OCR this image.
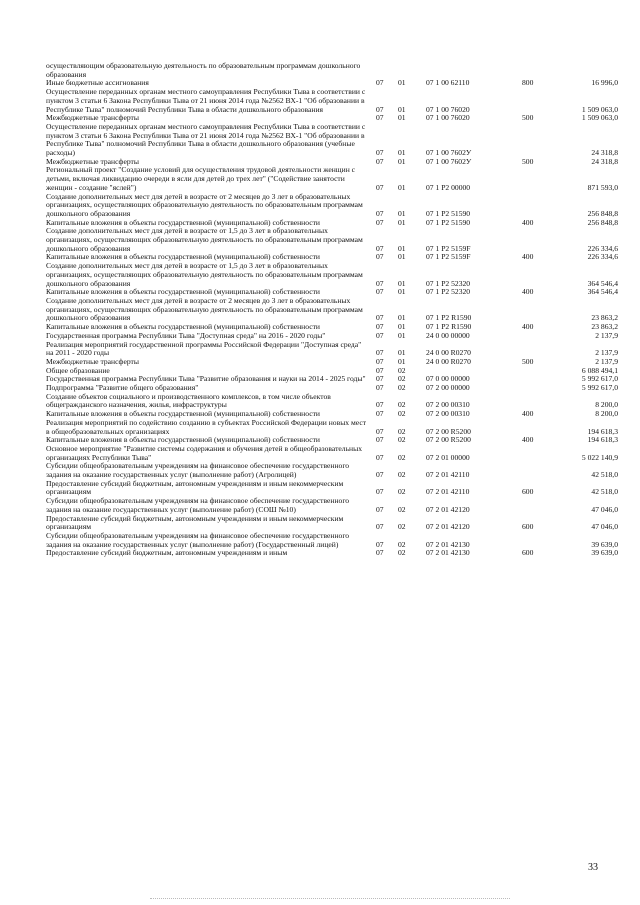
осуществляющим образовательную деятельность по образовательным программам дошкольного образования					
Иные бюджетные ассигнования	07	01	07 1 00 62110	800	16 996,0
Осуществление переданных органам местного самоуправления Республики Тыва в соответствии с пунктом 3 статьи 6 Закона Республики Тыва от 21 июня 2014 года №2562 ВХ-1 "Об образовании в Республике Тыва" полномочий Республики Тыва в области дошкольного образования	07	01	07 1 00 76020		1 509 063,0
Межбюджетные трансферты	07	01	07 1 00 76020	500	1 509 063,0
Осуществление переданных органам местного самоуправления Республики Тыва в соответствии с пунктом 3 статьи 6 Закона Республики Тыва от 21 июня 2014 года №2562 ВХ-1 "Об образовании в Республике Тыва" полномочий Республики Тыва в области дошкольного образования (учебные расходы)	07	01	07 1 00 7602У		24 318,8
Межбюджетные трансферты	07	01	07 1 00 7602У	500	24 318,8
Региональный проект "Создание условий для осуществления трудовой деятельности женщин с детьми, включая ликвидацию очереди в ясли для детей до трех лет" ("Содействие занятости женщин - создание "яслей")	07	01	07 1 P2 00000		871 593,0
Создание дополнительных мест для детей в возрасте от 2 месяцев до 3 лет в образовательных организациях, осуществляющих образовательную деятельность по образовательным программам дошкольного образования	07	01	07 1 P2 51590		256 848,8
Капитальные вложения в объекты государственной (муниципальной) собственности	07	01	07 1 P2 51590	400	256 848,8
Создание дополнительных мест для детей в возрасте от 1,5 до 3 лет в образовательных организациях, осуществляющих образовательную деятельность по образовательным программам дошкольного образования	07	01	07 1 P2 5159F		226 334,6
Капитальные вложения в объекты государственной (муниципальной) собственности	07	01	07 1 P2 5159F	400	226 334,6
Создание дополнительных мест для детей в возрасте от 1,5 до 3 лет в образовательных организациях, осуществляющих образовательную деятельность по образовательным программам дошкольного образования	07	01	07 1 P2 52320		364 546,4
Капитальные вложения в объекты государственной (муниципальной) собственности	07	01	07 1 P2 52320	400	364 546,4
Создание дополнительных мест для детей в возрасте от 2 месяцев до 3 лет в образовательных организациях, осуществляющих образовательную деятельность по образовательным программам дошкольного образования	07	01	07 1 P2 R1590		23 863,2
Капитальные вложения в объекты государственной (муниципальной) собственности	07	01	07 1 P2 R1590	400	23 863,2
Государственная программа Республики Тыва "Доступная среда" на 2016 - 2020 годы"	07	01	24 0 00 00000		2 137,9
Реализация мероприятий государственной программы Российской Федерации "Доступная среда" на 2011 - 2020 годы	07	01	24 0 00 R0270		2 137,9
Межбюджетные трансферты	07	01	24 0 00 R0270	500	2 137,9
Общее образование	07	02			6 088 494,1
Государственная программа Республики Тыва "Развитие образования и науки на 2014 - 2025 годы"	07	02	07 0 00 00000		5 992 617,0
Подпрограмма "Развитие общего образования"	07	02	07 2 00 00000		5 992 617,0
Создание объектов социального и производственного комплексов, в том числе объектов общегражданского назначения, жилья, инфраструктуры	07	02	07 2 00 00310		8 200,0
Капитальные вложения в объекты государственной (муниципальной) собственности	07	02	07 2 00 00310	400	8 200,0
Реализация мероприятий по содействию созданию в субъектах Российской Федерации новых мест в общеобразовательных организациях	07	02	07 2 00 R5200		194 618,3
Капитальные вложения в объекты государственной (муниципальной) собственности	07	02	07 2 00 R5200	400	194 618,3
Основное мероприятие "Развитие системы содержания и обучения детей в общеобразовательных организациях Республики Тыва"	07	02	07 2 01 00000		5 022 140,9
Субсидии общеобразовательным учреждениям на финансовое обеспечение государственного задания на оказание государственных услуг (выполнение работ) (Агролицей)	07	02	07 2 01 42110		42 518,0
Предоставление субсидий бюджетным, автономным учреждениям и иным некоммерческим организациям	07	02	07 2 01 42110	600	42 518,0
Субсидии общеобразовательным учреждениям на финансовое обеспечение государственного задания на оказание государственных услуг (выполнение работ) (СОШ №10)	07	02	07 2 01 42120		47 046,0
Предоставление субсидий бюджетным, автономным учреждениям и иным некоммерческим организациям	07	02	07 2 01 42120	600	47 046,0
Субсидии общеобразовательным учреждениям на финансовое обеспечение государственного задания на оказание государственных услуг (выполнение работ) (Государственный лицей)	07	02	07 2 01 42130		39 639,0
Предоставление субсидий бюджетным, автономным учреждениям и иным	07	02	07 2 01 42130	600	39 639,0
33
